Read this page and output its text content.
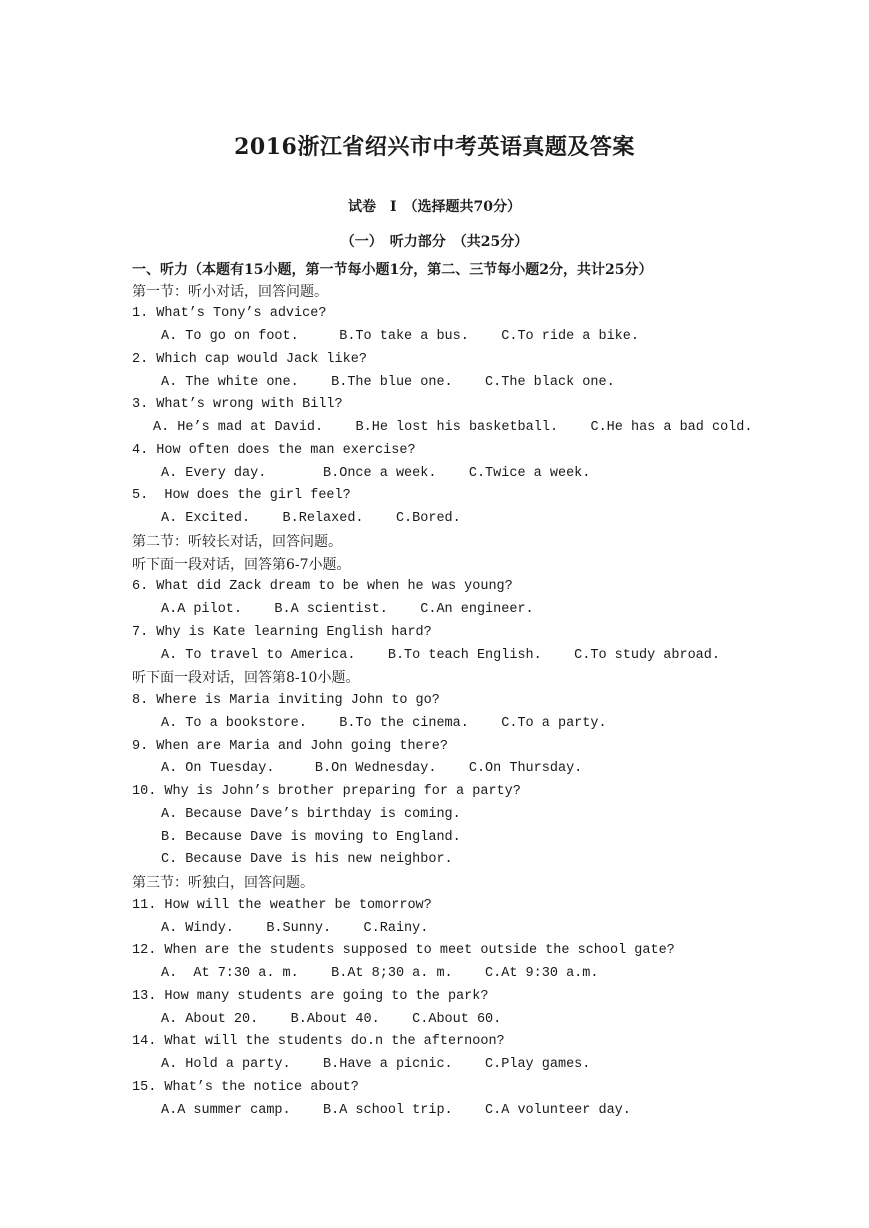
2016浙江省绍兴市中考英语真题及答案
试卷　Ⅰ　（选择题共70分）
（一）　听力部分　（共25分）
一、听力（本题有15小题，第一节每小题1分，第二、三节每小题2分，共计25分）
第一节：听小对话，回答问题。
1. What’s Tony’s advice?
A. To go on foot.     B.To take a bus.    C.To ride a bike.
2. Which cap would Jack like?
A. The white one.    B.The blue one.    C.The black one.
3. What’s wrong with Bill?
A. He’s mad at David.    B.He lost his basketball.    C.He has a bad cold.
4. How often does the man exercise?
A. Every day.       B.Once a week.    C.Twice a week.
5.  How does the girl feel?
A. Excited.    B.Relaxed.    C.Bored.
第二节：听较长对话，回答问题。
听下面一段对话，回答第6-7小题。
6. What did Zack dream to be when he was young?
A.A pilot.    B.A scientist.    C.An engineer.
7. Why is Kate learning English hard?
A. To travel to America.    B.To teach English.    C.To study abroad.
听下面一段对话，回答第8-10小题。
8. Where is Maria inviting John to go?
A. To a bookstore.    B.To the cinema.    C.To a party.
9. When are Maria and John going there?
A. On Tuesday.     B.On Wednesday.    C.On Thursday.
10. Why is John’s brother preparing for a party?
A. Because Dave’s birthday is coming.
B. Because Dave is moving to England.
C. Because Dave is his new neighbor.
第三节：听独白，回答问题。
11. How will the weather be tomorrow?
A. Windy.    B.Sunny.    C.Rainy.
12. When are the students supposed to meet outside the school gate?
A.  At 7:30 a. m.    B.At 8;30 a. m.    C.At 9:30 a.m.
13. How many students are going to the park?
A. About 20.    B.About 40.    C.About 60.
14. What will the students do.n the afternoon?
A. Hold a party.    B.Have a picnic.    C.Play games.
15. What’s the notice about?
A.A summer camp.    B.A school trip.    C.A volunteer day.
